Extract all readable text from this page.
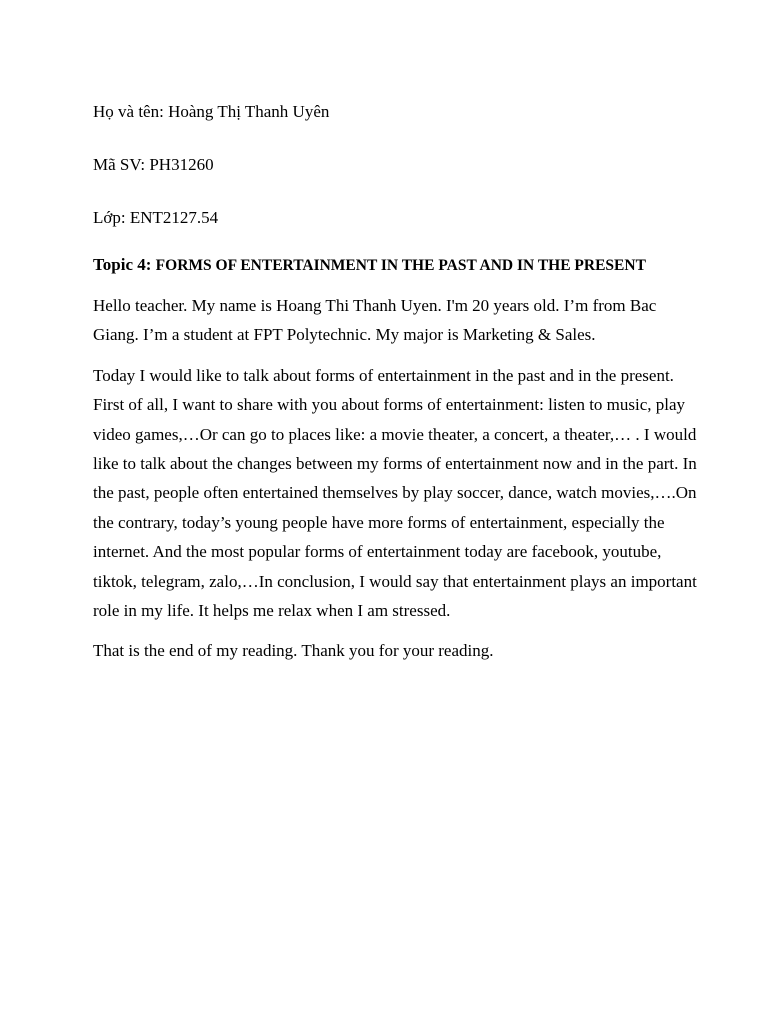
Họ và tên: Hoàng Thị Thanh Uyên

Mã SV: PH31260

Lớp: ENT2127.54

Topic 4: FORMS OF ENTERTAINMENT IN THE PAST AND IN THE PRESENT

Hello teacher. My name is Hoang Thi Thanh Uyen. I'm 20 years old. I’m from Bac Giang. I’m a student at FPT Polytechnic. My major is Marketing & Sales.

Today I would like to talk about forms of entertainment in the past and in the present. First of all, I want to share with you about forms of entertainment: listen to music, play video games,…Or can go to places like: a movie theater, a concert, a theater,… . I would like to talk about the changes between my forms of entertainment now and in the part. In the past, people often entertained themselves by play soccer, dance, watch movies,….On the contrary, today’s young people have more forms of entertainment, especially the internet. And the most popular forms of entertainment today are facebook, youtube, tiktok, telegram, zalo,…In conclusion, I would say that entertainment plays an important role in my life. It helps me relax when I am stressed.

That is the end of my reading. Thank you for your reading.
